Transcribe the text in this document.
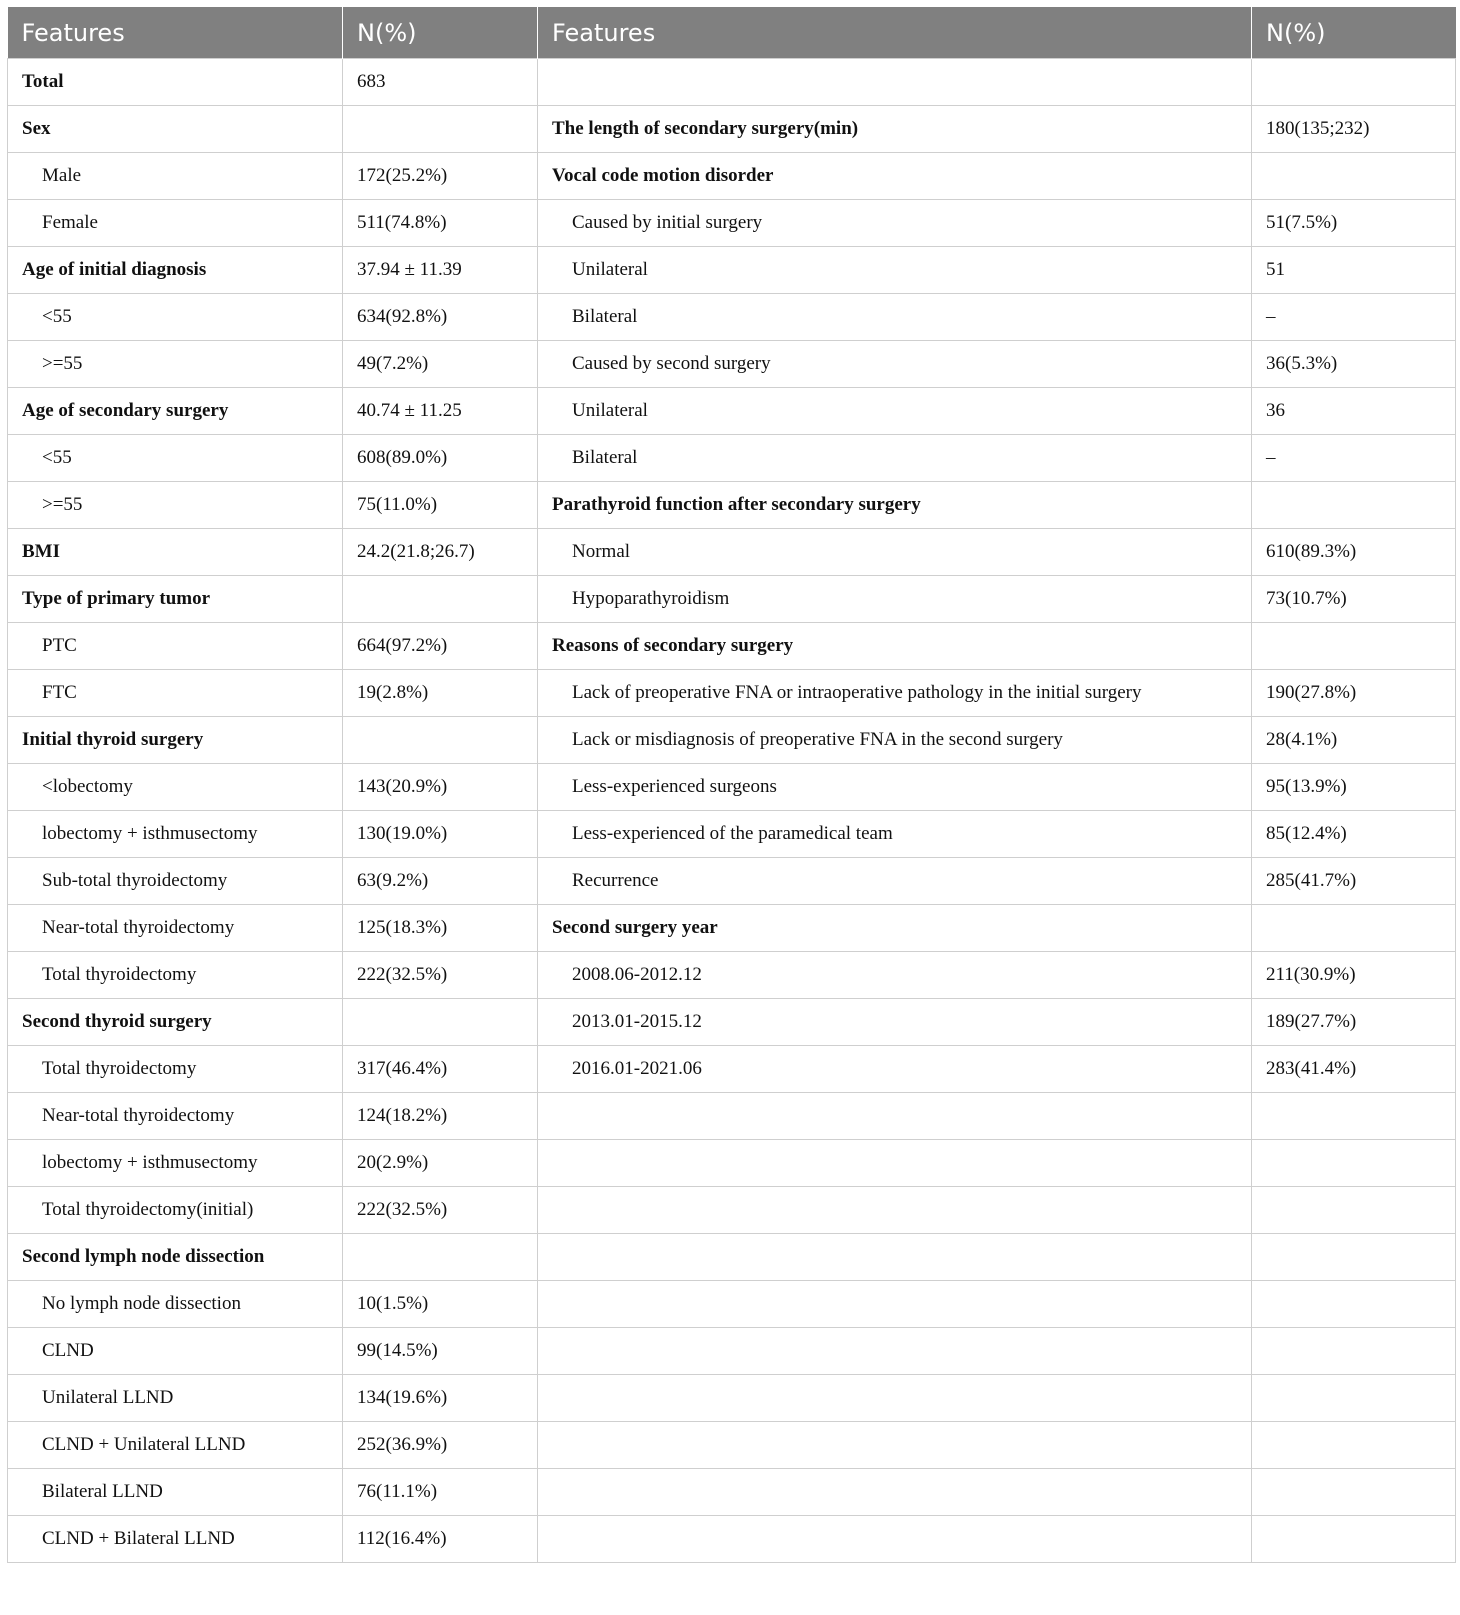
Features	N(%)	Features	N(%)
Total	683		
Sex		The length of secondary surgery(min)	180(135;232)
Male	172(25.2%)	Vocal code motion disorder	
Female	511(74.8%)	Caused by initial surgery	51(7.5%)
Age of initial diagnosis	37.94 ± 11.39	Unilateral	51
<55	634(92.8%)	Bilateral	–
>=55	49(7.2%)	Caused by second surgery	36(5.3%)
Age of secondary surgery	40.74 ± 11.25	Unilateral	36
<55	608(89.0%)	Bilateral	–
>=55	75(11.0%)	Parathyroid function after secondary surgery	
BMI	24.2(21.8;26.7)	Normal	610(89.3%)
Type of primary tumor		Hypoparathyroidism	73(10.7%)
PTC	664(97.2%)	Reasons of secondary surgery	
FTC	19(2.8%)	Lack of preoperative FNA or intraoperative pathology in the initial surgery	190(27.8%)
Initial thyroid surgery		Lack or misdiagnosis of preoperative FNA in the second surgery	28(4.1%)
<lobectomy	143(20.9%)	Less-experienced surgeons	95(13.9%)
lobectomy + isthmusectomy	130(19.0%)	Less-experienced of the paramedical team	85(12.4%)
Sub-total thyroidectomy	63(9.2%)	Recurrence	285(41.7%)
Near-total thyroidectomy	125(18.3%)	Second surgery year	
Total thyroidectomy	222(32.5%)	2008.06-2012.12	211(30.9%)
Second thyroid surgery		2013.01-2015.12	189(27.7%)
Total thyroidectomy	317(46.4%)	2016.01-2021.06	283(41.4%)
Near-total thyroidectomy	124(18.2%)		
lobectomy + isthmusectomy	20(2.9%)		
Total thyroidectomy(initial)	222(32.5%)		
Second lymph node dissection			
No lymph node dissection	10(1.5%)		
CLND	99(14.5%)		
Unilateral LLND	134(19.6%)		
CLND + Unilateral LLND	252(36.9%)		
Bilateral LLND	76(11.1%)		
CLND + Bilateral LLND	112(16.4%)		
